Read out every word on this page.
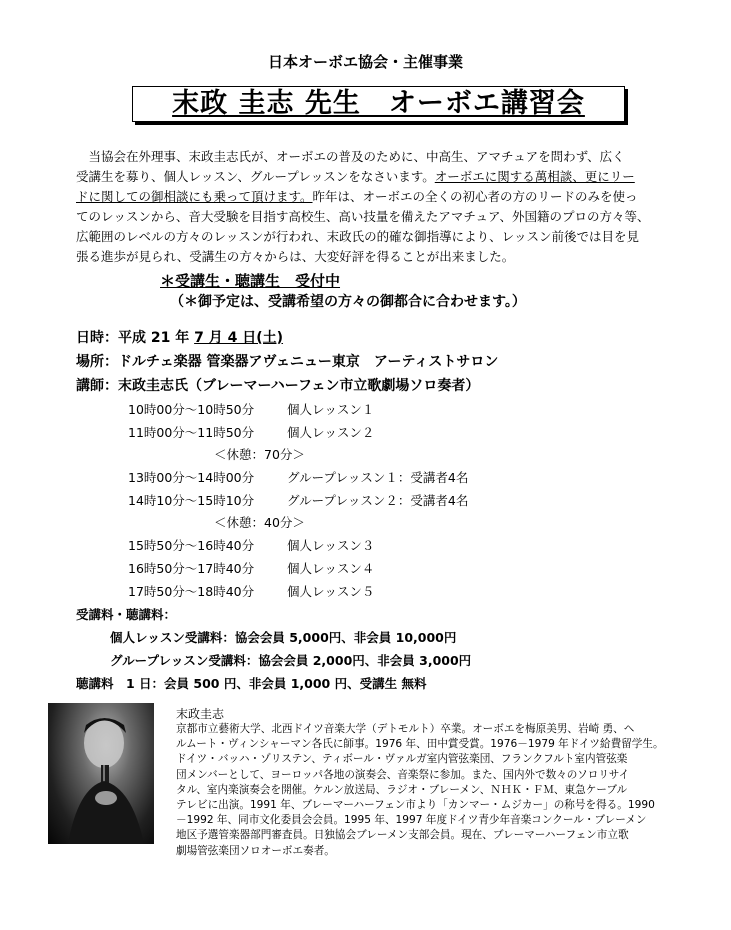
日本オーボエ協会・主催事業
末政 圭志 先生　オーボエ講習会

当協会在外理事、末政圭志氏が、オーボエの普及のために、中高生、アマチュアを問わず、広く

受講生を募り、個人レッスン、グループレッスンをなさいます。オーボエに関する萬相談、更にリー
ドに関しての御相談にも乗って頂けます。昨年は、オーボエの全くの初心者の方のリードのみを使っ
てのレッスンから、音大受験を目指す高校生、高い技量を備えたアマチュア、外国籍のプロの方々等、
広範囲のレベルの方々のレッスンが行われ、末政氏の的確な御指導により、レッスン前後では目を見
張る進歩が見られ、受講生の方々からは、大変好評を得ることが出来ました。
＊受講生・聴講生　受付中
（＊御予定は、受講希望の方々の御都合に合わせます。）
日時：平成 21 年 7 月 4 日(土)
場所：ドルチェ楽器 管楽器アヴェニュー東京　アーティストサロン
講師：末政圭志氏（ブレーマーハーフェン市立歌劇場ソロ奏者）
10時00分～10時50分	個人レッスン１
11時00分～11時50分	個人レッスン２
＜休憩：70分＞
13時00分～14時00分	グループレッスン１：受講者4名
14時10分～15時10分	グループレッスン２：受講者4名
＜休憩：40分＞
15時50分～16時40分	個人レッスン３
16時50分～17時40分	個人レッスン４
17時50分～18時40分	個人レッスン５
受講料・聴講料：
個人レッスン受講料：協会会員 5,000円、非会員 10,000円
グループレッスン受講料：協会会員 2,000円、非会員 3,000円
聴講料　1 日：会員 500 円、非会員 1,000 円、受講生 無料
末政圭志

京都市立藝術大学、北西ドイツ音楽大学（デトモルト）卒業。オーボエを梅原美男、岩崎 勇、ヘ

ルムート・ヴィンシャーマン各氏に師事。1976 年、田中賞受賞。1976－1979 年ドイツ給費留学生。

ドイツ・バッハ・ゾリステン、ティボール・ヴァルガ室内管弦楽団、フランクフルト室内管弦楽

団メンバーとして、ヨーロッパ各地の演奏会、音楽祭に参加。また、国内外で数々のソロリサイ

タル、室内楽演奏会を開催。ケルン放送局、ラジオ・ブレーメン、ＮＨＫ・ＦＭ、東急ケーブル

テレビに出演。1991 年、ブレーマーハーフェン市より「カンマー・ムジカー」の称号を得る。1990

－1992 年、同市文化委員会会員。1995 年、1997 年度ドイツ青少年音楽コンクール・ブレーメン

地区予選管楽器部門審査員。日独協会ブレーメン支部会員。現在、ブレーマーハーフェン市立歌

劇場管弦楽団ソロオーボエ奏者。
